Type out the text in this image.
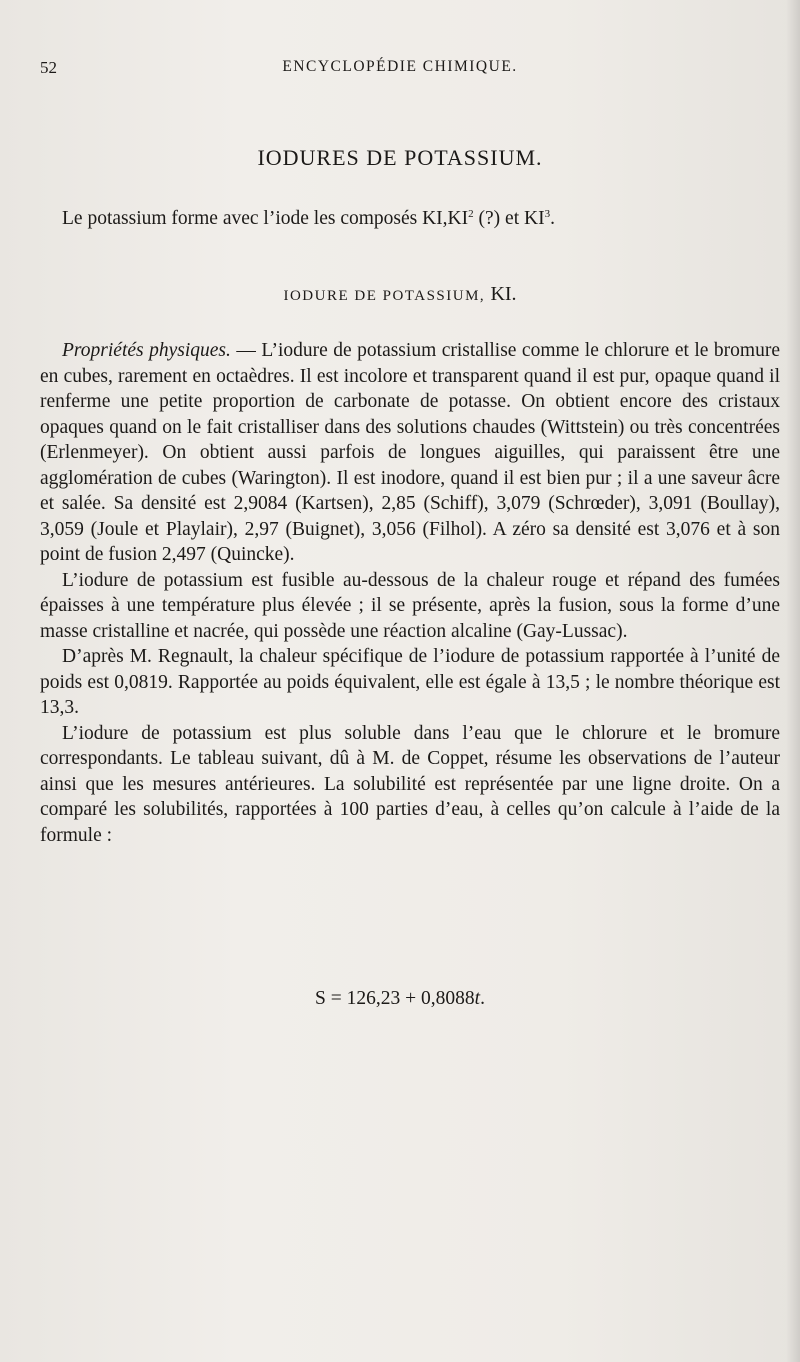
52	ENCYCLOPÉDIE CHIMIQUE.
IODURES DE POTASSIUM.
Le potassium forme avec l’iode les composés $KI,KI^2$ (?) et $KI^3$.
IODURE DE POTASSIUM, KI.

Propriétés physiques. — L’iodure de potassium cristallise comme le chlorure et le bromure en cubes, rarement en octaèdres. Il est incolore et transparent quand il est pur, opaque quand il renferme une petite proportion de carbonate de potasse. On obtient encore des cristaux opaques quand on le fait cristalliser dans des solutions chaudes (Wittstein) ou très concentrées (Erlenmeyer). On obtient aussi parfois de longues aiguilles, qui paraissent être une agglomération de cubes (Warington). Il est inodore, quand il est bien pur ; il a une saveur âcre et salée. Sa densité est 2,9084 (Kartsen), 2,85 (Schiff), 3,079 (Schrœder), 3,091 (Boullay), 3,059 (Joule et Playlair), 2,97 (Buignet), 3,056 (Filhol). A zéro sa densité est 3,076 et à son point de fusion 2,497 (Quincke).

L’iodure de potassium est fusible au-dessous de la chaleur rouge et répand des fumées épaisses à une température plus élevée ; il se présente, après la fusion, sous la forme d’une masse cristalline et nacrée, qui possède une réaction alcaline (Gay-Lussac).

D’après M. Regnault, la chaleur spécifique de l’iodure de potassium rapportée à l’unité de poids est 0,0819. Rapportée au poids équivalent, elle est égale à 13,5 ; le nombre théorique est 13,3.

L’iodure de potassium est plus soluble dans l’eau que le chlorure et le bromure correspondants. Le tableau suivant, dû à M. de Coppet, résume les observations de l’auteur ainsi que les mesures antérieures. La solubilité est représentée par une ligne droite. On a comparé les solubilités, rapportées à 100 parties d’eau, à celles qu’on calcule à l’aide de la formule :

S = 126,23 + 0,8088t.
